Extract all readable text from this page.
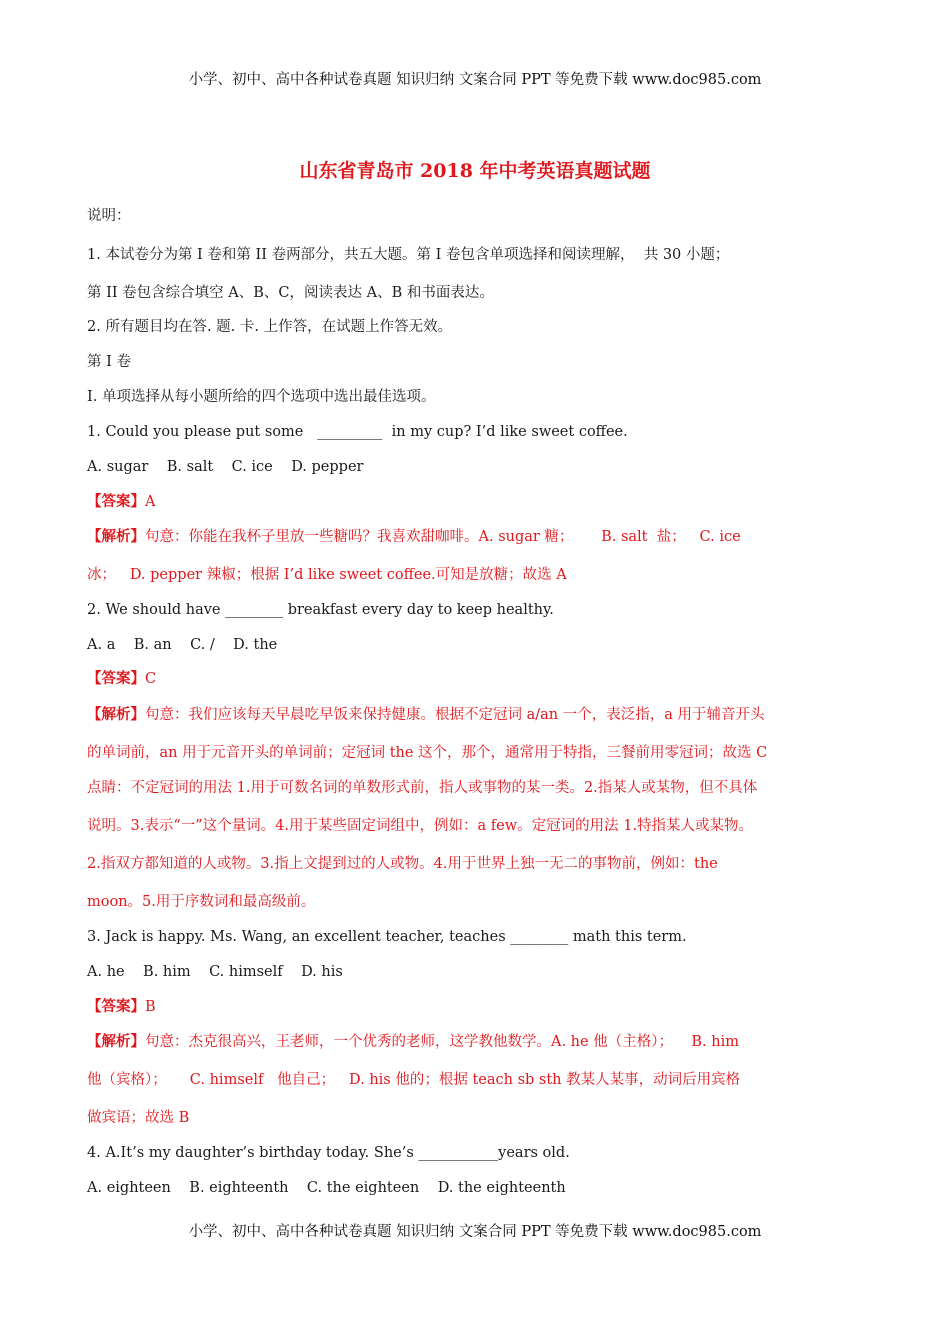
小学、初中、高中各种试卷真题 知识归纳 文案合同 PPT 等免费下载 www.doc985.com
山东省青岛市 2018 年中考英语真题试题

说明：

1. 本试卷分为第 I 卷和第 II 卷两部分，共五大题。第 I 卷包含单项选择和阅读理解，  共 30 小题；

第 II 卷包含综合填空 A、B、C，阅读表达 A、B 和书面表达。

2. 所有题目均在答. 题. 卡. 上作答，在试题上作答无效。

第 I 卷

I. 单项选择从每小题所给的四个选项中选出最佳选项。

1. Could you please put some   _________  in my cup? I’d like sweet coffee.

A. sugar    B. salt    C. ice    D. pepper

【答案】A

【解析】句意：你能在我杯子里放一些糖吗？我喜欢甜咖啡。A. sugar 糖；      B. salt  盐；   C. ice

冰；   D. pepper 辣椒；根据 I’d like sweet coffee.可知是放糖；故选 A

2. We should have ________ breakfast every day to keep healthy.

A. a    B. an    C. /    D. the

【答案】C

【解析】句意：我们应该每天早晨吃早饭来保持健康。根据不定冠词 a/an 一个，表泛指，a 用于辅音开头

的单词前，an 用于元音开头的单词前；定冠词 the 这个，那个，通常用于特指，三餐前用零冠词；故选 C

点睛：不定冠词的用法 1.用于可数名词的单数形式前，指人或事物的某一类。2.指某人或某物，但不具体

说明。3.表示“一”这个量词。4.用于某些固定词组中，例如：a few。定冠词的用法 1.特指某人或某物。

2.指双方都知道的人或物。3.指上文提到过的人或物。4.用于世界上独一无二的事物前，例如：the

moon。5.用于序数词和最高级前。

3. Jack is happy. Ms. Wang, an excellent teacher, teaches ________ math this term.

A. he    B. him    C. himself    D. his

【答案】B

【解析】句意：杰克很高兴，王老师，一个优秀的老师，这学教他数学。A. he 他（主格）；    B. him

他（宾格）；     C. himself   他自己；   D. his 他的；根据 teach sb sth 教某人某事，动词后用宾格

做宾语；故选 B

4. A.It’s my daughter’s birthday today. She’s ___________years old.

A. eighteen    B. eighteenth    C. the eighteen    D. the eighteenth

小学、初中、高中各种试卷真题 知识归纳 文案合同 PPT 等免费下载 www.doc985.com
